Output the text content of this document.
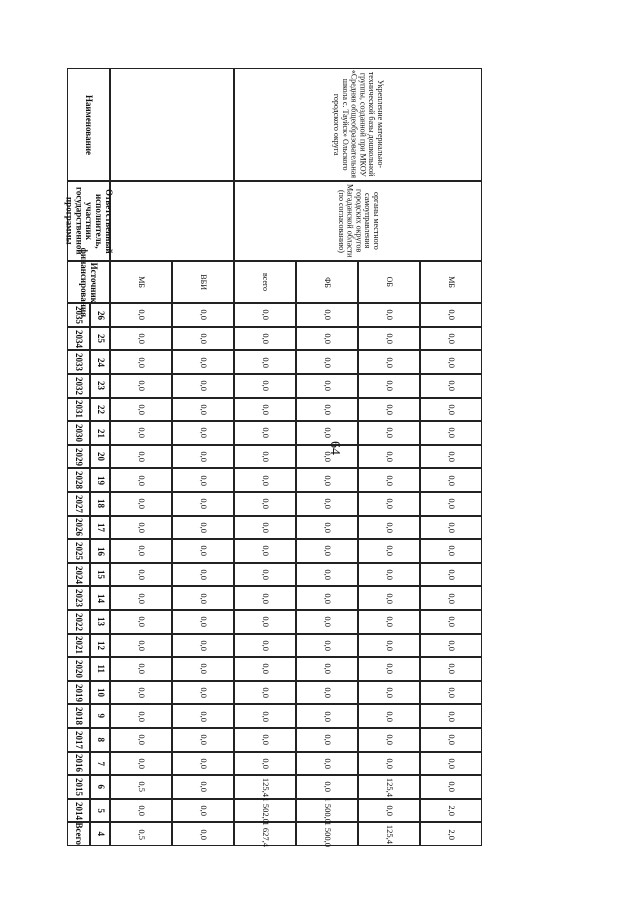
64
Всего 4
2014 5
2015 6
2016 7
2017 8
2018 9
2019 10
2020 11
2021 12
2022 13
2023 14
2024 15
2025 16
2026 17
2027 18
2028 19
2029 20
2030 21
2031 22
2032 23
2033 24
2034 25
2035 26
Источник финансирования
Ответственный исполнитель, участник государственной программы
Наименование
0,5
0,0
0,5
0,0
0,0
0,0
0,0
0,0
0,0
0,0
0,0
0,0
0,0
0,0
0,0
0,0
0,0
0,0
0,0
0,0
0,0
0,0
0,0
МБ
0,0
0,0
0,0
0,0
0,0
0,0
0,0
0,0
0,0
0,0
0,0
0,0
0,0
0,0
0,0
0,0
0,0
0,0
0,0
0,0
0,0
0,0
0,0
ВБИ
1 627,4
1 502,0
125,4
0,0
0,0
0,0
0,0
0,0
0,0
0,0
0,0
0,0
0,0
0,0
0,0
0,0
0,0
0,0
0,0
0,0
0,0
0,0
0,0
всего
1 500,0
1 500,0
0,0
0,0
0,0
0,0
0,0
0,0
0,0
0,0
0,0
0,0
0,0
0,0
0,0
0,0
0,0
0,0
0,0
0,0
0,0
0,0
0,0
ФБ
125,4
0,0
125,4
0,0
0,0
0,0
0,0
0,0
0,0
0,0
0,0
0,0
0,0
0,0
0,0
0,0
0,0
0,0
0,0
0,0
0,0
0,0
0,0
ОБ
2,0
2,0
0,0
0,0
0,0
0,0
0,0
0,0
0,0
0,0
0,0
0,0
0,0
0,0
0,0
0,0
0,0
0,0
0,0
0,0
0,0
0,0
0,0
МБ
органы местного самоуправления городских округов Магаданской области (по согласованию)
Укрепление материально-технической базы дошкольной группы, созданной при МКОУ «Средняя общеобразовательная школа с. Тауйск» Ольского городского округа
